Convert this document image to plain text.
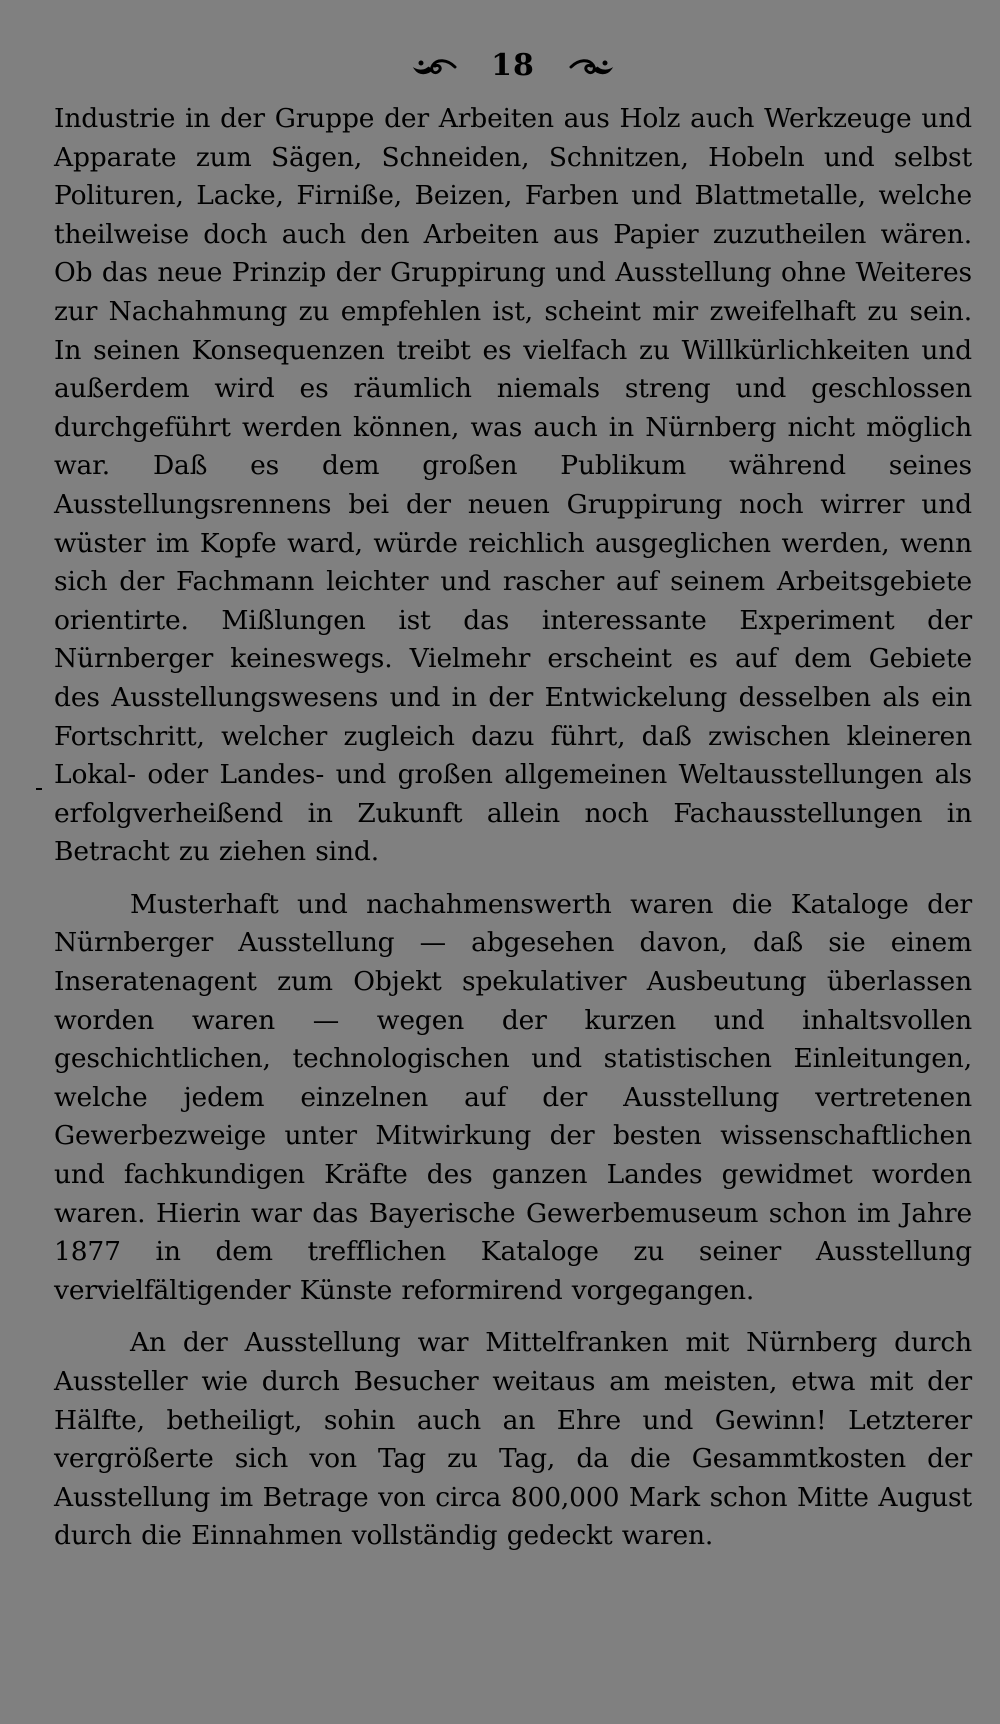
18

Industrie in der Gruppe der Arbeiten aus Holz auch Werkzeuge und Apparate zum Sägen, Schneiden, Schnitzen, Hobeln und selbst Polituren, Lacke, Firniße, Beizen, Farben und Blattmetalle, welche theilweise doch auch den Arbeiten aus Papier zuzutheilen wären. Ob das neue Prinzip der Gruppirung und Ausstellung ohne Weiteres zur Nachahmung zu empfehlen ist, scheint mir zweifelhaft zu sein. In seinen Konsequenzen treibt es vielfach zu Willkürlichkeiten und außerdem wird es räumlich niemals streng und geschlossen durchgeführt werden können, was auch in Nürnberg nicht möglich war. Daß es dem großen Publikum während seines Ausstellungsrennens bei der neuen Gruppirung noch wirrer und wüster im Kopfe ward, würde reichlich ausgeglichen werden, wenn sich der Fachmann leichter und rascher auf seinem Arbeitsgebiete orientirte. Mißlungen ist das interessante Experiment der Nürnberger keineswegs. Vielmehr erscheint es auf dem Gebiete des Ausstellungswesens und in der Entwickelung desselben als ein Fortschritt, welcher zugleich dazu führt, daß zwischen kleineren Lokal- oder Landes- und großen allgemeinen Weltausstellungen als erfolgverheißend in Zukunft allein noch Fachausstellungen in Betracht zu ziehen sind.

Musterhaft und nachahmenswerth waren die Kataloge der Nürnberger Ausstellung — abgesehen davon, daß sie einem Inseratenagent zum Objekt spekulativer Ausbeutung überlassen worden waren — wegen der kurzen und inhaltsvollen geschichtlichen, technologischen und statistischen Einleitungen, welche jedem einzelnen auf der Ausstellung vertretenen Gewerbezweige unter Mitwirkung der besten wissenschaftlichen und fachkundigen Kräfte des ganzen Landes gewidmet worden waren. Hierin war das Bayerische Gewerbemuseum schon im Jahre 1877 in dem trefflichen Kataloge zu seiner Ausstellung vervielfältigender Künste reformirend vorgegangen.

An der Ausstellung war Mittelfranken mit Nürnberg durch Aussteller wie durch Besucher weitaus am meisten, etwa mit der Hälfte, betheiligt, sohin auch an Ehre und Gewinn! Letzterer vergrößerte sich von Tag zu Tag, da die Gesammtkosten der Ausstellung im Betrage von circa 800,000 Mark schon Mitte August durch die Einnahmen vollständig gedeckt waren.
